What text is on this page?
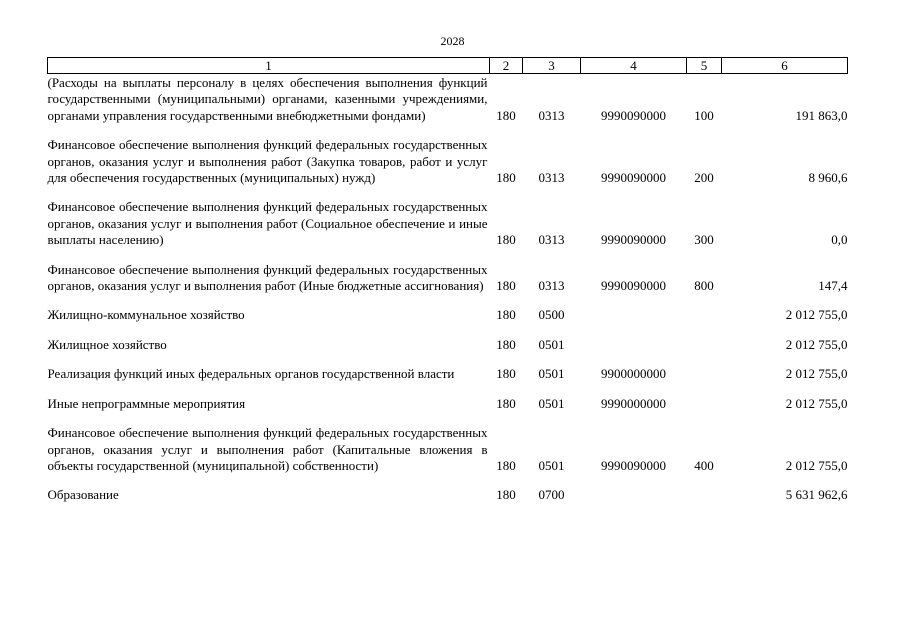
2028
1	2	3	4	5	6
(Расходы на выплаты персоналу в целях обеспечения выполнения функций государственными (муниципальными) органами, казенными учреждениями, органами управления государственными внебюджетными фондами)	180	0313	9990090000	100	191 863,0
Финансовое обеспечение выполнения функций федеральных государственных органов, оказания услуг и выполнения работ (Закупка товаров, работ и услуг для обеспечения государственных (муниципальных) нужд)	180	0313	9990090000	200	8 960,6
Финансовое обеспечение выполнения функций федеральных государственных органов, оказания услуг и выполнения работ (Социальное обеспечение и иные выплаты населению)	180	0313	9990090000	300	0,0
Финансовое обеспечение выполнения функций федеральных государственных органов, оказания услуг и выполнения работ (Иные бюджетные ассигнования)	180	0313	9990090000	800	147,4
Жилищно-коммунальное хозяйство	180	0500			2 012 755,0
Жилищное хозяйство	180	0501			2 012 755,0
Реализация функций иных федеральных органов государственной власти	180	0501	9900000000		2 012 755,0
Иные непрограммные мероприятия	180	0501	9990000000		2 012 755,0
Финансовое обеспечение выполнения функций федеральных государственных органов, оказания услуг и выполнения работ (Капитальные вложения в объекты государственной (муниципальной) собственности)	180	0501	9990090000	400	2 012 755,0
Образование	180	0700			5 631 962,6
